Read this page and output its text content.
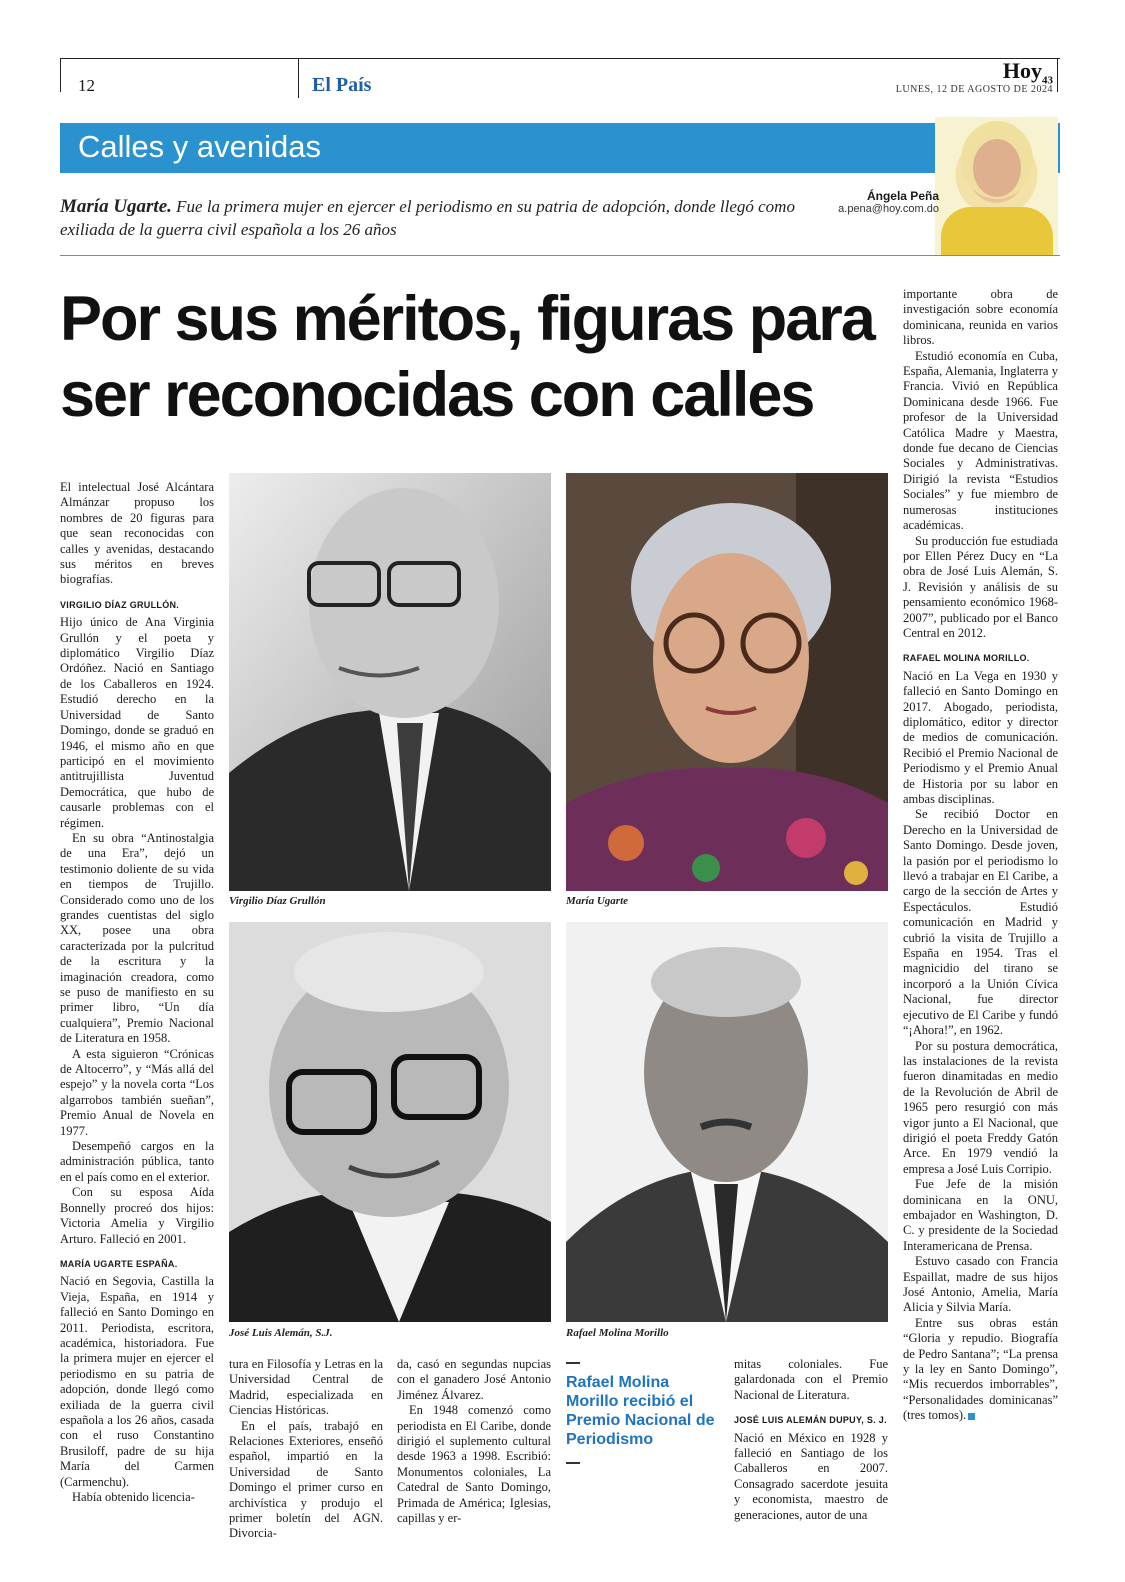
12	El País
Hoy$_{43}$
LUNES, 12 DE AGOSTO DE 2024
Calles y avenidas
María Ugarte. Fue la primera mujer en ejercer el periodismo en su patria de adopción, donde llegó como exiliada de la guerra civil española a los 26 años
Ángela Peña
a.pena@hoy.com.do
Por sus méritos, figuras para
ser reconocidas con calles

El intelectual José Alcántara Almánzar propuso los nombres de 20 figuras para que sean reconocidas con calles y avenidas, destacando sus méritos en breves biografías.

VIRGILIO DÍAZ GRULLÓN.

Hijo único de Ana Virginia Grullón y el poeta y diplomático Virgilio Díaz Ordóñez. Nació en Santiago de los Caballeros en 1924. Estudió derecho en la Universidad de Santo Domingo, donde se graduó en 1946, el mismo año en que participó en el movimiento antitrujillista Juventud Democrática, que hubo de causarle problemas con el régimen.

En su obra “Antinostalgia de una Era”, dejó un testimonio doliente de su vida en tiempos de Trujillo. Considerado como uno de los grandes cuentistas del siglo XX, posee una obra caracterizada por la pulcritud de la escritura y la imaginación creadora, como se puso de manifiesto en su primer libro, “Un día cualquiera”, Premio Nacional de Literatura en 1958.

A esta siguieron “Crónicas de Altocerro”, y “Más allá del espejo” y la novela corta “Los algarrobos también sueñan”, Premio Anual de Novela en 1977.

Desempeñó cargos en la administración pública, tanto en el país como en el exterior.

Con su esposa Aída Bonnelly procreó dos hijos: Victoria Amelia y Virgilio Arturo. Falleció en 2001.

MARÍA UGARTE ESPAÑA.

Nació en Segovia, Castilla la Vieja, España, en 1914 y falleció en Santo Domingo en 2011. Periodista, escritora, académica, historiadora. Fue la primera mujer en ejercer el periodismo en su patria de adopción, donde llegó como exiliada de la guerra civil española a los 26 años, casada con el ruso Constantino Brusiloff, padre de su hija María del Carmen (Carmenchu).

Había obtenido licencia-

Virgilio Díaz Grullón	María Ugarte
José Luis Alemán, S.J.	Rafael Molina Morillo

tura en Filosofía y Letras en la Universidad Central de Madrid, especializada en Ciencias Históricas.

En el país, trabajó en Relaciones Exteriores, enseñó español, impartió en la Universidad de Santo Domingo el primer curso en archivística y produjo el primer boletín del AGN. Divorcia-

da, casó en segundas nupcias con el ganadero José Antonio Jiménez Álvarez.

En 1948 comenzó como periodista en El Caribe, donde dirigió el suplemento cultural desde 1963 a 1998. Escribió: Monumentos coloniales, La Catedral de Santo Domingo, Primada de América; Iglesias, capillas y er-

Rafael Molina Morillo recibió el Premio Nacional de Periodismo

mitas coloniales. Fue galardonada con el Premio Nacional de Literatura.

JOSÉ LUIS ALEMÁN DUPUY, S. J.

Nació en México en 1928 y falleció en Santiago de los Caballeros en 2007. Consagrado sacerdote jesuita y economista, maestro de generaciones, autor de una

importante obra de investigación sobre economía dominicana, reunida en varios libros.

Estudió economía en Cuba, España, Alemania, Inglaterra y Francia. Vivió en República Dominicana desde 1966. Fue profesor de la Universidad Católica Madre y Maestra, donde fue decano de Ciencias Sociales y Administrativas. Dirigió la revista “Estudios Sociales” y fue miembro de numerosas instituciones académicas.

Su producción fue estudiada por Ellen Pérez Ducy en “La obra de José Luis Alemán, S. J. Revisión y análisis de su pensamiento económico 1968-2007”, publicado por el Banco Central en 2012.

RAFAEL MOLINA MORILLO.

Nació en La Vega en 1930 y falleció en Santo Domingo en 2017. Abogado, periodista, diplomático, editor y director de medios de comunicación. Recibió el Premio Nacional de Periodismo y el Premio Anual de Historia por su labor en ambas disciplinas.

Se recibió Doctor en Derecho en la Universidad de Santo Domingo. Desde joven, la pasión por el periodismo lo llevó a trabajar en El Caribe, a cargo de la sección de Artes y Espectáculos. Estudió comunicación en Madrid y cubrió la visita de Trujillo a España en 1954. Tras el magnicidio del tirano se incorporó a la Unión Cívica Nacional, fue director ejecutivo de El Caribe y fundó “¡Ahora!”, en 1962.

Por su postura democrática, las instalaciones de la revista fueron dinamitadas en medio de la Revolución de Abril de 1965 pero resurgió con más vigor junto a El Nacional, que dirigió el poeta Freddy Gatón Arce. En 1979 vendió la empresa a José Luis Corripio.

Fue Jefe de la misión dominicana en la ONU, embajador en Washington, D. C. y presidente de la Sociedad Interamericana de Prensa.

Estuvo casado con Francia Espaillat, madre de sus hijos José Antonio, Amelia, María Alicia y Silvia María.

Entre sus obras están “Gloria y repudio. Biografía de Pedro Santana”; “La prensa y la ley en Santo Domingo”, “Mis recuerdos imborrables”, “Personalidades dominicanas” (tres tomos).
